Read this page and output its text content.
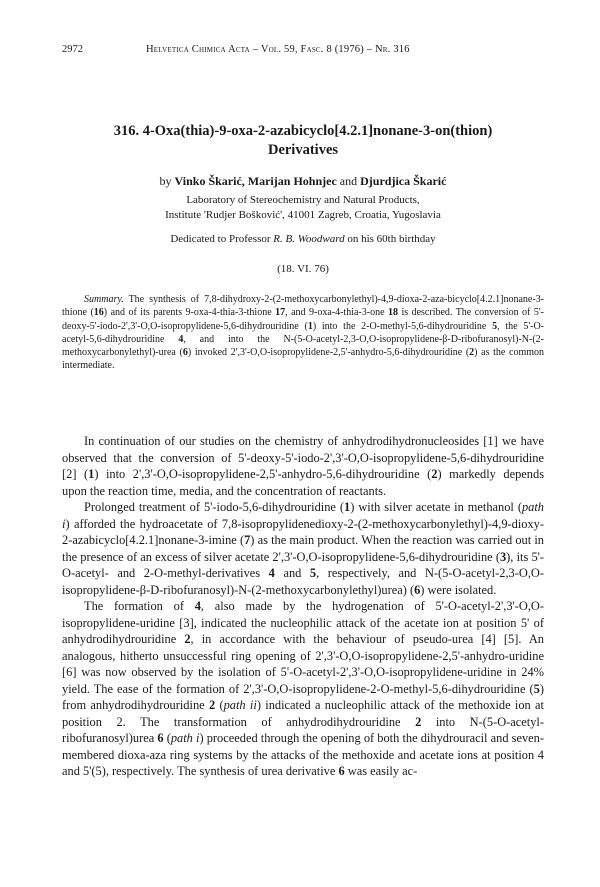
2972	Helvetica Chimica Acta – Vol. 59, Fasc. 8 (1976) – Nr. 316
316. 4-Oxa(thia)-9-oxa-2-azabicyclo[4.2.1]nonane-3-on(thion)
Derivatives
by Vinko Škarić, Marijan Hohnjec and Djurdjica Škarić
Laboratory of Stereochemistry and Natural Products,
Institute 'Rudjer Bošković', 41001 Zagreb, Croatia, Yugoslavia
Dedicated to Professor R. B. Woodward on his 60th birthday
(18. VI. 76)
Summary. The synthesis of 7,8-dihydroxy-2-(2-methoxycarbonylethyl)-4,9-dioxa-2-aza-bicyclo[4.2.1]nonane-3-thione (16) and of its parents 9-oxa-4-thia-3-thione 17, and 9-oxa-4-thia-3-one 18 is described. The conversion of 5'-deoxy-5'-iodo-2',3'-O,O-isopropylidene-5,6-dihydrouridine (1) into the 2-O-methyl-5,6-dihydrouridine 5, the 5'-O-acetyl-5,6-dihydrouridine 4, and into the N-(5-O-acetyl-2,3-O,O-isopropylidene-β-D-ribofuranosyl)-N-(2-methoxycarbonylethyl)-urea (6) invoked 2',3'-O,O-isopropylidene-2,5'-anhydro-5,6-dihydrouridine (2) as the common intermediate.

In continuation of our studies on the chemistry of anhydrodihydronucleosides [1] we have observed that the conversion of 5'-deoxy-5'-iodo-2',3'-O,O-isopropylidene-5,6-dihydrouridine [2] (1) into 2',3'-O,O-isopropylidene-2,5'-anhydro-5,6-dihydrouridine (2) markedly depends upon the reaction time, media, and the concentration of reactants.

Prolonged treatment of 5'-iodo-5,6-dihydrouridine (1) with silver acetate in methanol (path i) afforded the hydroacetate of 7,8-isopropylidenedioxy-2-(2-methoxycarbonylethyl)-4,9-dioxy-2-azabicyclo[4.2.1]nonane-3-imine (7) as the main product. When the reaction was carried out in the presence of an excess of silver acetate 2',3'-O,O-isopropylidene-5,6-dihydrouridine (3), its 5'-O-acetyl- and 2-O-methyl-derivatives 4 and 5, respectively, and N-(5-O-acetyl-2,3-O,O-isopropylidene-β-D-ribofuranosyl)-N-(2-methoxycarbonylethyl)urea) (6) were isolated.

The formation of 4, also made by the hydrogenation of 5'-O-acetyl-2',3'-O,O-isopropylidene-uridine [3], indicated the nucleophilic attack of the acetate ion at position 5' of anhydrodihydrouridine 2, in accordance with the behaviour of pseudo-urea [4] [5]. An analogous, hitherto unsuccessful ring opening of 2',3'-O,O-isopropylidene-2,5'-anhydro-uridine [6] was now observed by the isolation of 5'-O-acetyl-2',3'-O,O-isopropylidene-uridine in 24% yield. The ease of the formation of 2',3'-O,O-isopropylidene-2-O-methyl-5,6-dihydrouridine (5) from anhydrodihydrouridine 2 (path ii) indicated a nucleophilic attack of the methoxide ion at position 2. The transformation of anhydrodihydrouridine 2 into N-(5-O-acetyl-ribofuranosyl)urea 6 (path i) proceeded through the opening of both the dihydrouracil and seven-membered dioxa-aza ring systems by the attacks of the methoxide and acetate ions at position 4 and 5'(5), respectively. The synthesis of urea derivative 6 was easily ac-
